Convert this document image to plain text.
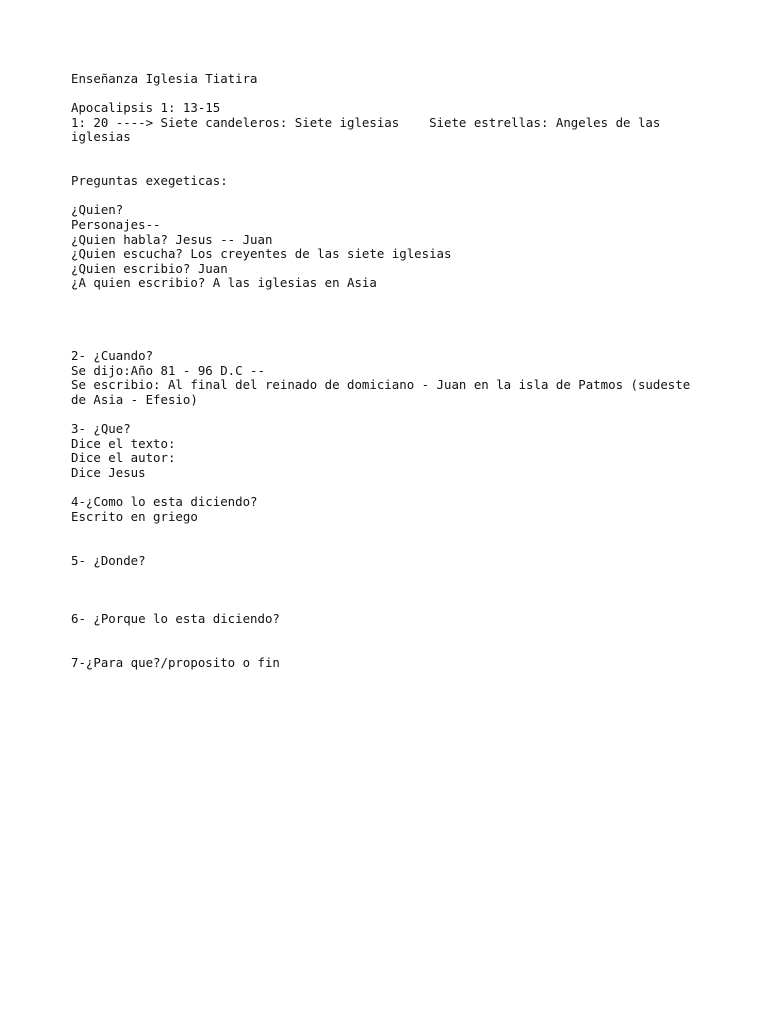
Enseñanza Iglesia Tiatira
Apocalipsis 1: 13-15
1: 20 ----> Siete candeleros: Siete iglesias    Siete estrellas: Angeles de las iglesias
Preguntas exegeticas:
¿Quien?
Personajes--
¿Quien habla? Jesus -- Juan
¿Quien escucha? Los creyentes de las siete iglesias
¿Quien escribio? Juan
¿A quien escribio? A las iglesias en Asia
2- ¿Cuando?
Se dijo:Año 81 - 96 D.C --
Se escribio: Al final del reinado de domiciano - Juan en la isla de Patmos (sudeste de Asia - Efesio)
3- ¿Que?
Dice el texto:
Dice el autor:
Dice Jesus
4-¿Como lo esta diciendo?
Escrito en griego
5- ¿Donde?
6- ¿Porque lo esta diciendo?
7-¿Para que?/proposito o fin
